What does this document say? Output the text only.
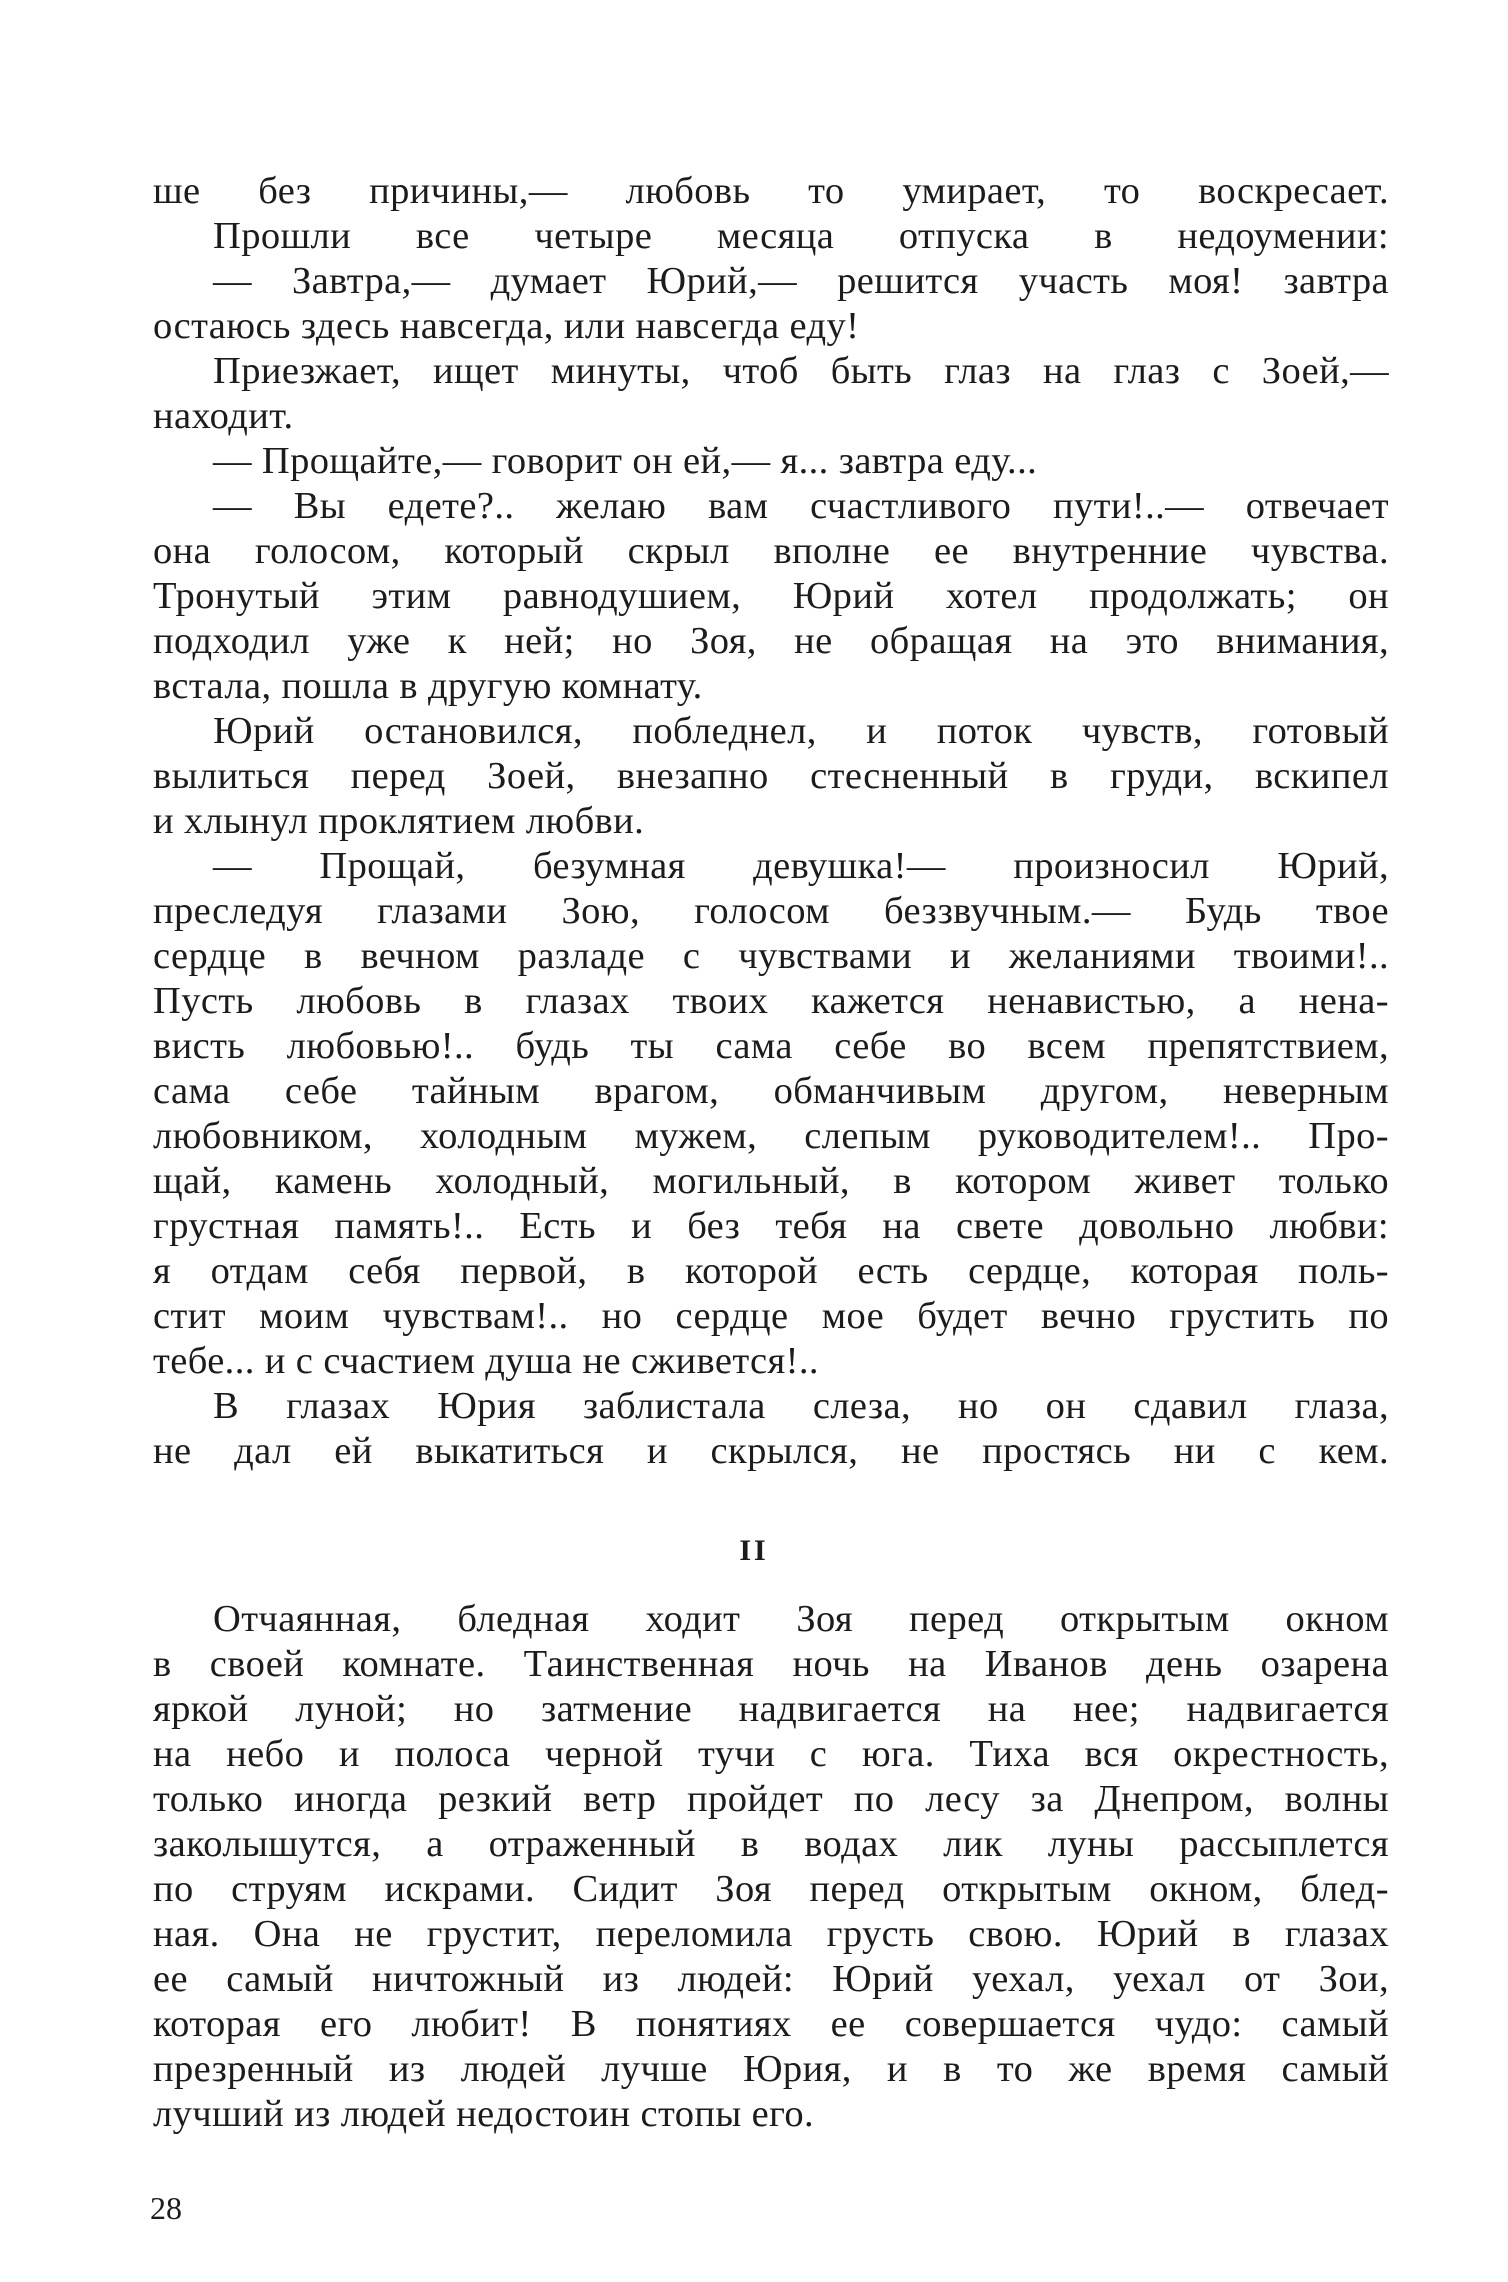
ше без причины,— любовь то умирает, то воскресает.
Прошли все четыре месяца отпуска в недоумении:
— Завтра,— думает Юрий,— решится участь моя! завтра
остаюсь здесь навсегда, или навсегда еду!
Приезжает, ищет минуты, чтоб быть глаз на глаз с Зоей,—
находит.
— Прощайте,— говорит он ей,— я... завтра еду...
— Вы едете?.. желаю вам счастливого пути!..— отвечает
она голосом, который скрыл вполне ее внутренние чувства.
Тронутый этим равнодушием, Юрий хотел продолжать; он
подходил уже к ней; но Зоя, не обращая на это внимания,
встала, пошла в другую комнату.
Юрий остановился, побледнел, и поток чувств, готовый
вылиться перед Зоей, внезапно стесненный в груди, вскипел
и хлынул проклятием любви.
— Прощай, безумная девушка!— произносил Юрий,
преследуя глазами Зою, голосом беззвучным.— Будь твое
сердце в вечном разладе с чувствами и желаниями твоими!..
Пусть любовь в глазах твоих кажется ненавистью, а нена-
висть любовью!.. будь ты сама себе во всем препятствием,
сама себе тайным врагом, обманчивым другом, неверным
любовником, холодным мужем, слепым руководителем!.. Про-
щай, камень холодный, могильный, в котором живет только
грустная память!.. Есть и без тебя на свете довольно любви:
я отдам себя первой, в которой есть сердце, которая поль-
стит моим чувствам!.. но сердце мое будет вечно грустить по
тебе... и с счастием душа не сживется!..
В глазах Юрия заблистала слеза, но он сдавил глаза,
не дал ей выкатиться и скрылся, не простясь ни с кем.
II
Отчаянная, бледная ходит Зоя перед открытым окном
в своей комнате. Таинственная ночь на Иванов день озарена
яркой луной; но затмение надвигается на нее; надвигается
на небо и полоса черной тучи с юга. Тиха вся окрестность,
только иногда резкий ветр пройдет по лесу за Днепром, волны
заколышутся, а отраженный в водах лик луны рассыплется
по струям искрами. Сидит Зоя перед открытым окном, блед-
ная. Она не грустит, переломила грусть свою. Юрий в глазах
ее самый ничтожный из людей: Юрий уехал, уехал от Зои,
которая его любит! В понятиях ее совершается чудо: самый
презренный из людей лучше Юрия, и в то же время самый
лучший из людей недостоин стопы его.
28
